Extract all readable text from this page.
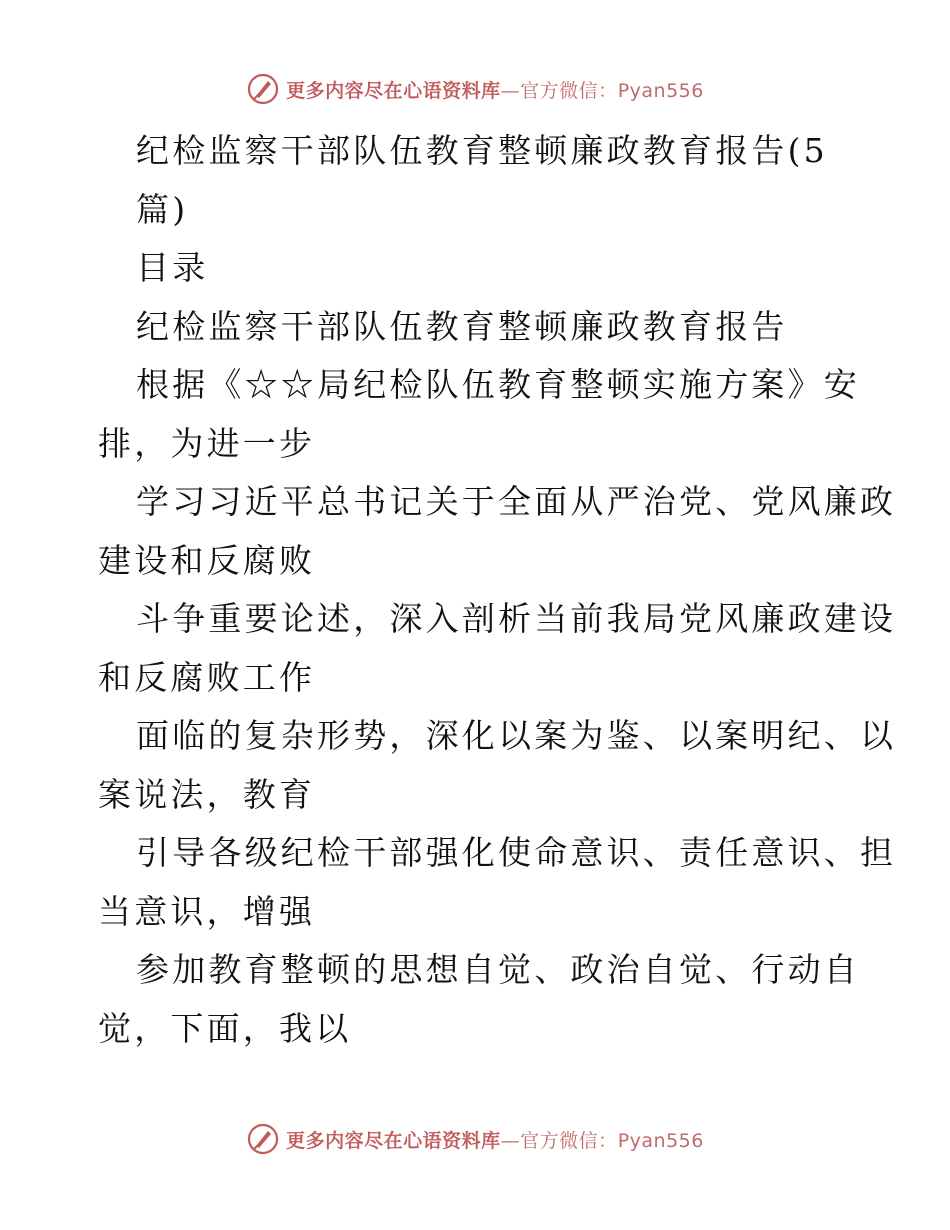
更多内容尽在心语资料库—官方微信：Pyan556
纪检监察干部队伍教育整顿廉政教育报告(5
篇)
目录
纪检监察干部队伍教育整顿廉政教育报告
根据《☆☆局纪检队伍教育整顿实施方案》安
排，为进一步
学习习近平总书记关于全面从严治党、党风廉政
建设和反腐败
斗争重要论述，深入剖析当前我局党风廉政建设
和反腐败工作
面临的复杂形势，深化以案为鉴、以案明纪、以
案说法，教育
引导各级纪检干部强化使命意识、责任意识、担
当意识，增强
参加教育整顿的思想自觉、政治自觉、行动自
觉，下面，我以
更多内容尽在心语资料库—官方微信：Pyan556
